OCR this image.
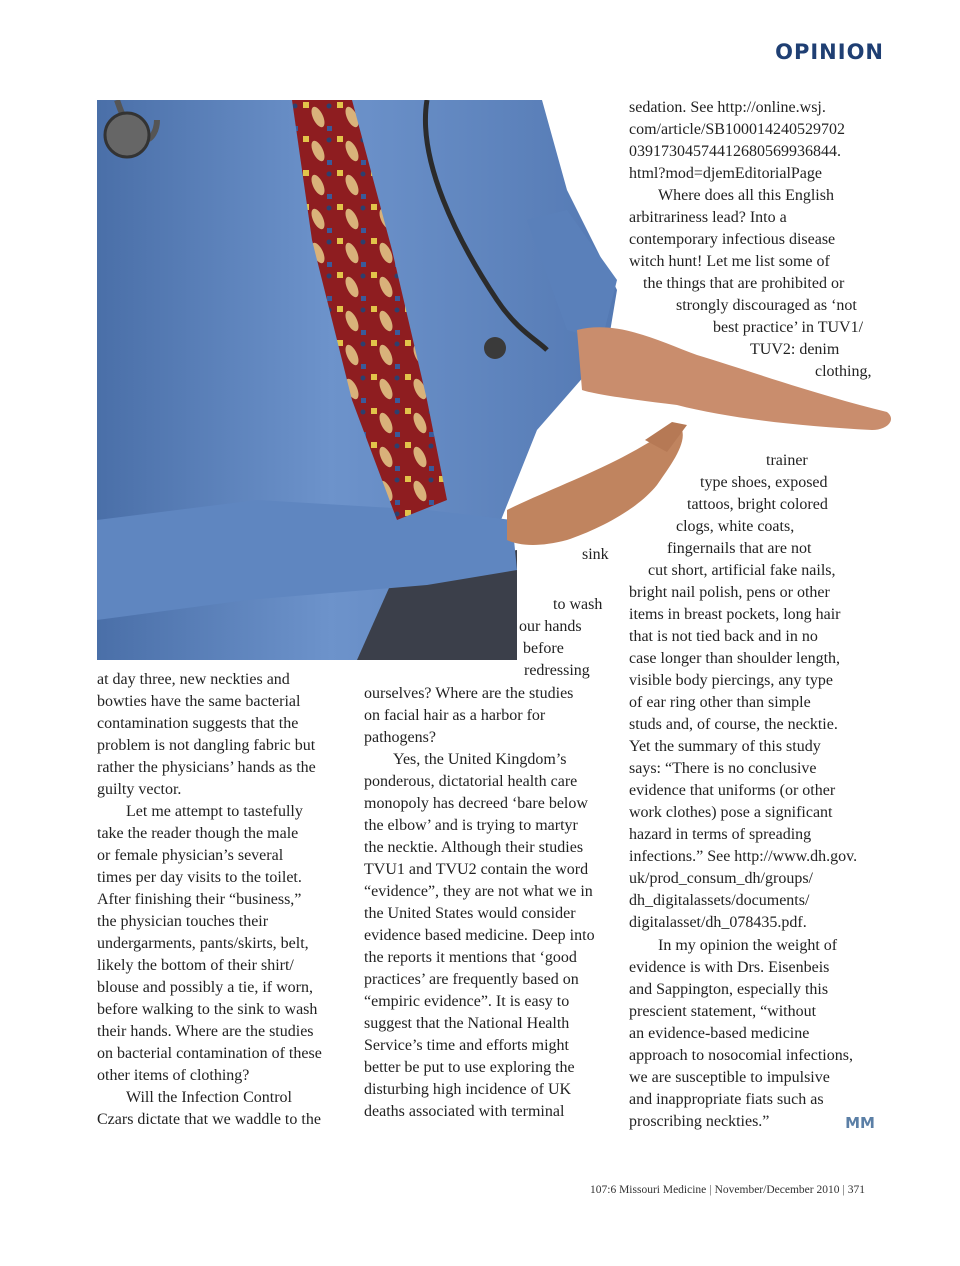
OPINION
at day three, new neckties and
bowties have the same bacterial
contamination suggests that the
problem is not dangling fabric but
rather the physicians’ hands as the
guilty vector.
Let me attempt to tastefully
take the reader though the male
or female physician’s several
times per day visits to the toilet.
After finishing their “business,”
the physician touches their
undergarments, pants/skirts, belt,
likely the bottom of their shirt/
blouse and possibly a tie, if worn,
before walking to the sink to wash
their hands. Where are the studies
on bacterial contamination of these
other items of clothing?
Will the Infection Control
Czars dictate that we waddle to the
sink
to wash
our hands
before
redressing
ourselves? Where are the studies
on facial hair as a harbor for
pathogens?
Yes, the United Kingdom’s
ponderous, dictatorial health care
monopoly has decreed ‘bare below
the elbow’ and is trying to martyr
the necktie. Although their studies
TVU1 and TVU2 contain the word
“evidence”, they are not what we in
the United States would consider
evidence based medicine. Deep into
the reports it mentions that ‘good
practices’ are frequently based on
“empiric evidence”. It is easy to
suggest that the National Health
Service’s time and efforts might
better be put to use exploring the
disturbing high incidence of UK
deaths associated with terminal
sedation. See http://online.wsj.
com/article/SB100014240529702
03917304574412680569936844.
html?mod=djemEditorialPage
Where does all this English
arbitrariness lead? Into a
contemporary infectious disease
witch hunt! Let me list some of
the things that are prohibited or
strongly discouraged as ‘not
best practice’ in TUV1/
TUV2: denim
clothing,
trainer
type shoes, exposed
tattoos, bright colored
clogs, white coats,
fingernails that are not
cut short, artificial fake nails,
bright nail polish, pens or other
items in breast pockets, long hair
that is not tied back and in no
case longer than shoulder length,
visible body piercings, any type
of ear ring other than simple
studs and, of course, the necktie.
Yet the summary of this study
says: “There is no conclusive
evidence that uniforms (or other
work clothes) pose a significant
hazard in terms of spreading
infections.” See http://www.dh.gov.
uk/prod_consum_dh/groups/
dh_digitalassets/documents/
digitalasset/dh_078435.pdf.
In my opinion the weight of
evidence is with Drs. Eisenbeis
and Sappington, especially this
prescient statement, “without
an evidence-based medicine
approach to nosocomial infections,
we are susceptible to impulsive
and inappropriate fiats such as
proscribing neckties.”	MM
107:6 Missouri Medicine | November/December 2010 | 371
